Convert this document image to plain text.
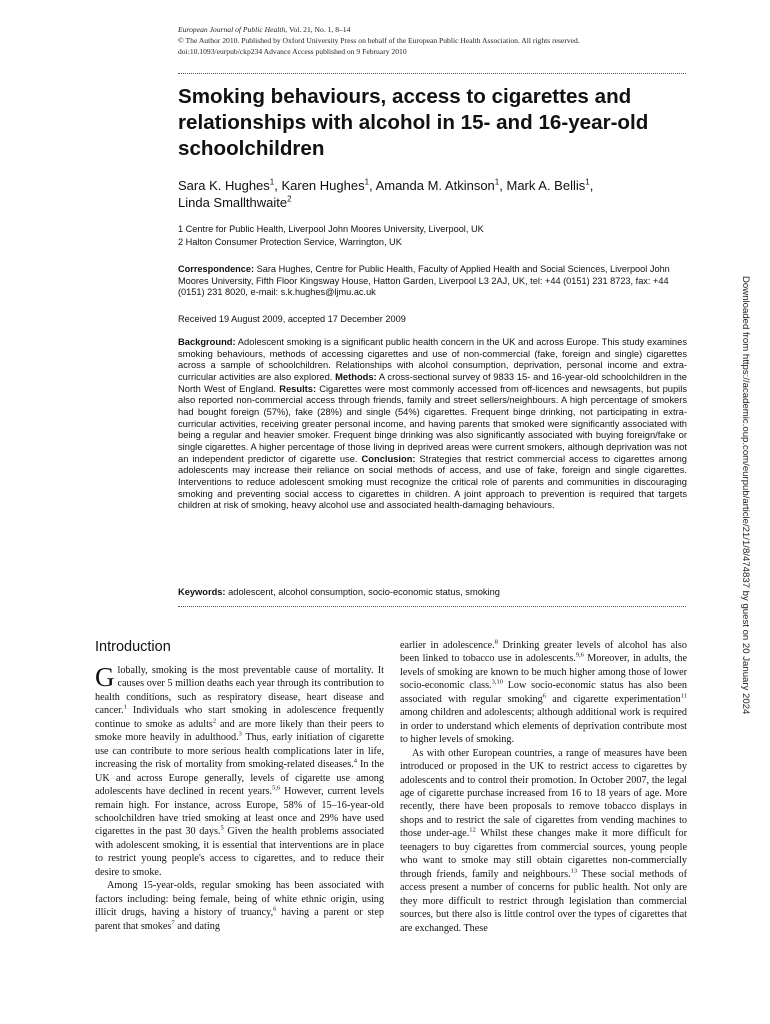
European Journal of Public Health, Vol. 21, No. 1, 8–14
© The Author 2010. Published by Oxford University Press on behalf of the European Public Health Association. All rights reserved.
doi:10.1093/eurpub/ckp234 Advance Access published on 9 February 2010
Smoking behaviours, access to cigarettes and relationships with alcohol in 15- and 16-year-old schoolchildren
Sara K. Hughes$^1$, Karen Hughes$^1$, Amanda M. Atkinson$^1$, Mark A. Bellis$^1$,
Linda Smallthwaite$^2$
1 Centre for Public Health, Liverpool John Moores University, Liverpool, UK
2 Halton Consumer Protection Service, Warrington, UK
Correspondence: Sara Hughes, Centre for Public Health, Faculty of Applied Health and Social Sciences, Liverpool John Moores University, Fifth Floor Kingsway House, Hatton Garden, Liverpool L3 2AJ, UK, tel: +44 (0151) 231 8723, fax: +44 (0151) 231 8020, e-mail: s.k.hughes@ljmu.ac.uk
Received 19 August 2009, accepted 17 December 2009
Background: Adolescent smoking is a significant public health concern in the UK and across Europe. This study examines smoking behaviours, methods of accessing cigarettes and use of non-commercial (fake, foreign and single) cigarettes across a sample of schoolchildren. Relationships with alcohol consumption, deprivation, personal income and extra-curricular activities are also explored. Methods: A cross-sectional survey of 9833 15- and 16-year-old schoolchildren in the North West of England. Results: Cigarettes were most commonly accessed from off-licences and newsagents, but pupils also reported non-commercial access through friends, family and street sellers/neighbours. A high percentage of smokers had bought foreign (57%), fake (28%) and single (54%) cigarettes. Frequent binge drinking, not participating in extra-curricular activities, receiving greater personal income, and having parents that smoked were significantly associated with being a regular and heavier smoker. Frequent binge drinking was also significantly associated with buying foreign/fake or single cigarettes. A higher percentage of those living in deprived areas were current smokers, although deprivation was not an independent predictor of cigarette use. Conclusion: Strategies that restrict commercial access to cigarettes among adolescents may increase their reliance on social methods of access, and use of fake, foreign and single cigarettes. Interventions to reduce adolescent smoking must recognize the critical role of parents and communities in discouraging smoking and preventing social access to cigarettes in children. A joint approach to prevention is required that targets children at risk of smoking, heavy alcohol use and associated health-damaging behaviours.
Keywords: adolescent, alcohol consumption, socio-economic status, smoking
Introduction

Globally, smoking is the most preventable cause of mortality. It causes over 5 million deaths each year through its contribution to health conditions, such as respiratory disease, heart disease and cancer.$^1$ Individuals who start smoking in adolescence frequently continue to smoke as adults$^2$ and are more likely than their peers to smoke more heavily in adulthood.$^3$ Thus, early initiation of cigarette use can contribute to more serious health complications later in life, increasing the risk of mortality from smoking-related diseases.$^4$ In the UK and across Europe generally, levels of cigarette use among adolescents have declined in recent years.$^{5,6}$ However, current levels remain high. For instance, across Europe, 58% of 15–16-year-old schoolchildren have tried smoking at least once and 29% have used cigarettes in the past 30 days.$^5$ Given the health problems associated with adolescent smoking, it is essential that interventions are in place to restrict young people's access to cigarettes, and to reduce their desire to smoke.

Among 15-year-olds, regular smoking has been associated with factors including: being female, being of white ethnic origin, using illicit drugs, having a history of truancy,$^6$ having a parent or step parent that smokes$^7$ and dating

earlier in adolescence.$^8$ Drinking greater levels of alcohol has also been linked to tobacco use in adolescents.$^{9,6}$ Moreover, in adults, the levels of smoking are known to be much higher among those of lower socio-economic class.$^{3,10}$ Low socio-economic status has also been associated with regular smoking$^6$ and cigarette experimentation$^{11}$ among children and adolescents; although additional work is required in order to understand which elements of deprivation contribute most to higher levels of smoking.

As with other European countries, a range of measures have been introduced or proposed in the UK to restrict access to cigarettes by adolescents and to control their promotion. In October 2007, the legal age of cigarette purchase increased from 16 to 18 years of age. More recently, there have been proposals to remove tobacco displays in shops and to restrict the sale of cigarettes from vending machines to those under-age.$^{12}$ Whilst these changes make it more difficult for teenagers to buy cigarettes from commercial sources, young people who want to smoke may still obtain cigarettes non-commercially through friends, family and neighbours.$^{13}$ These social methods of access present a number of concerns for public health. Not only are they more difficult to restrict through legislation than commercial sources, but there also is little control over the types of cigarettes that are exchanged. These

Downloaded from https://academic.oup.com/eurpub/article/21/1/8/474837 by guest on 20 January 2024
